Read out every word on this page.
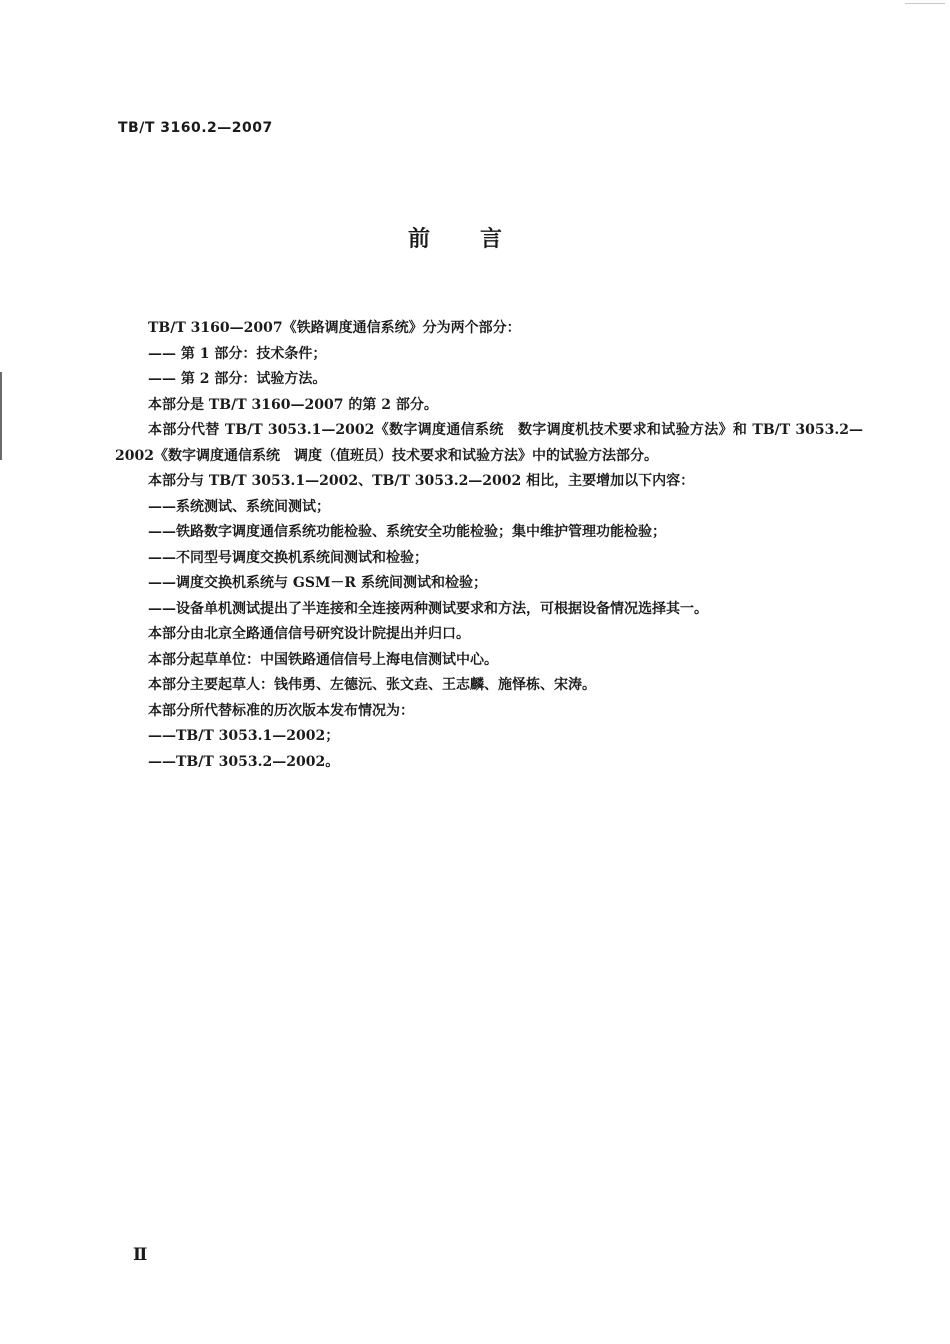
TB/T 3160.2—2007
前言

TB/T 3160—2007《铁路调度通信系统》分为两个部分：

—— 第 1 部分：技术条件；

—— 第 2 部分：试验方法。

本部分是 TB/T 3160—2007 的第 2 部分。

本部分代替 TB/T 3053.1—2002《数字调度通信系统　数字调度机技术要求和试验方法》和 TB/T 3053.2—2002《数字调度通信系统　调度（值班员）技术要求和试验方法》中的试验方法部分。

本部分与 TB/T 3053.1—2002、TB/T 3053.2—2002 相比，主要增加以下内容：

——系统测试、系统间测试；

——铁路数字调度通信系统功能检验、系统安全功能检验；集中维护管理功能检验；

——不同型号调度交换机系统间测试和检验；

——调度交换机系统与 GSM－R 系统间测试和检验；

——设备单机测试提出了半连接和全连接两种测试要求和方法，可根据设备情况选择其一。

本部分由北京全路通信信号研究设计院提出并归口。

本部分起草单位：中国铁路通信信号上海电信测试中心。

本部分主要起草人：钱伟勇、左德沅、张文垚、王志麟、施怿栋、宋涛。

本部分所代替标准的历次版本发布情况为：

——TB/T 3053.1—2002；

——TB/T 3053.2—2002。

Ⅱ
